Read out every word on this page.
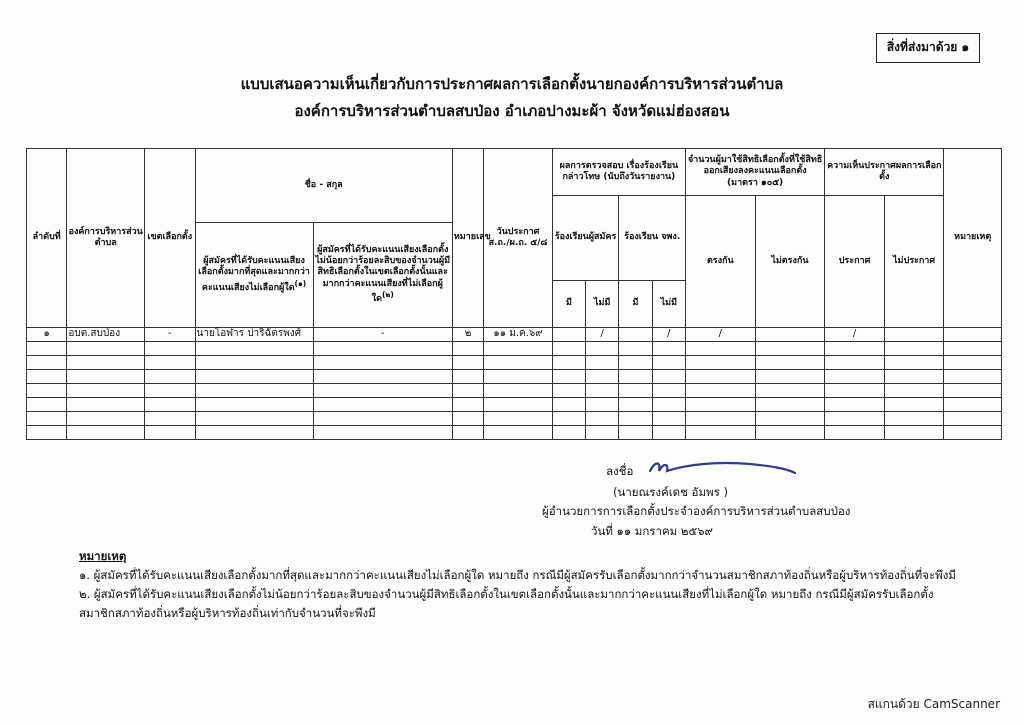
สิ่งที่ส่งมาด้วย ๑
แบบเสนอความเห็นเกี่ยวกับการประกาศผลการเลือกตั้งนายกองค์การบริหารส่วนตำบล
องค์การบริหารส่วนตำบลสบป่อง อำเภอปางมะผ้า จังหวัดแม่ฮ่องสอน
ลำดับที่	องค์การบริหารส่วนตำบล	เขตเลือกตั้ง	ชื่อ - สกุล		หมายเลข	วันประกาศ ส.ถ./ผ.ถ. ๕/๘	ผลการตรวจสอบ เรื่องร้องเรียนกล่าวโทษ (นับถึงวันรายงาน)				จำนวนผู้มาใช้สิทธิเลือกตั้งที่ใช้สิทธิออกเสียงลงคะแนนเลือกตั้ง (มาตรา ๑๐๕)		ความเห็นประกาศผลการเลือกตั้ง		หมายเหตุ
							ร้องเรียนผู้สมัคร		ร้องเรียน จพง.		ตรงกัน	ไม่ตรงกัน	ประกาศ	ไม่ประกาศ	
			ผู้สมัครที่ได้รับคะแนนเสียงเลือกตั้งมากที่สุดและมากกว่าคะแนนเสียงไม่เลือกผู้ใด$^{(๑)}$	ผู้สมัครที่ได้รับคะแนนเสียงเลือกตั้งไม่น้อยกว่าร้อยละสิบของจำนวนผู้มีสิทธิเลือกตั้งในเขตเลือกตั้งนั้นและมากกว่าคะแนนเสียงที่ไม่เลือกผู้ใด$^{(๒)}$
							มี	ไม่มี	มี	ไม่มี					
๑	อบต.สบป่อง	-	นายโอฬาร ปาริฉัตรพงศ์	-	๒	๑๑ ม.ค.๖๙		/		/	/		/		

ลงชื่อ
(นายณรงค์เดช อัมพร )
ผู้อำนวยการการเลือกตั้งประจำองค์การบริหารส่วนตำบลสบป่อง
วันที่ ๑๑ มกราคม ๒๕๖๙
หมายเหตุ
๑. ผู้สมัครที่ได้รับคะแนนเสียงเลือกตั้งมากที่สุดและมากกว่าคะแนนเสียงไม่เลือกผู้ใด หมายถึง กรณีมีผู้สมัครรับเลือกตั้งมากกว่าจำนวนสมาชิกสภาท้องถิ่นหรือผู้บริหารท้องถิ่นที่จะพึงมี
๒. ผู้สมัครที่ได้รับคะแนนเสียงเลือกตั้งไม่น้อยกว่าร้อยละสิบของจำนวนผู้มีสิทธิเลือกตั้งในเขตเลือกตั้งนั้นและมากกว่าคะแนนเสียงที่ไม่เลือกผู้ใด หมายถึง กรณีมีผู้สมัครรับเลือกตั้ง
สมาชิกสภาท้องถิ่นหรือผู้บริหารท้องถิ่นเท่ากับจำนวนที่จะพึงมี
สแกนด้วย CamScanner
